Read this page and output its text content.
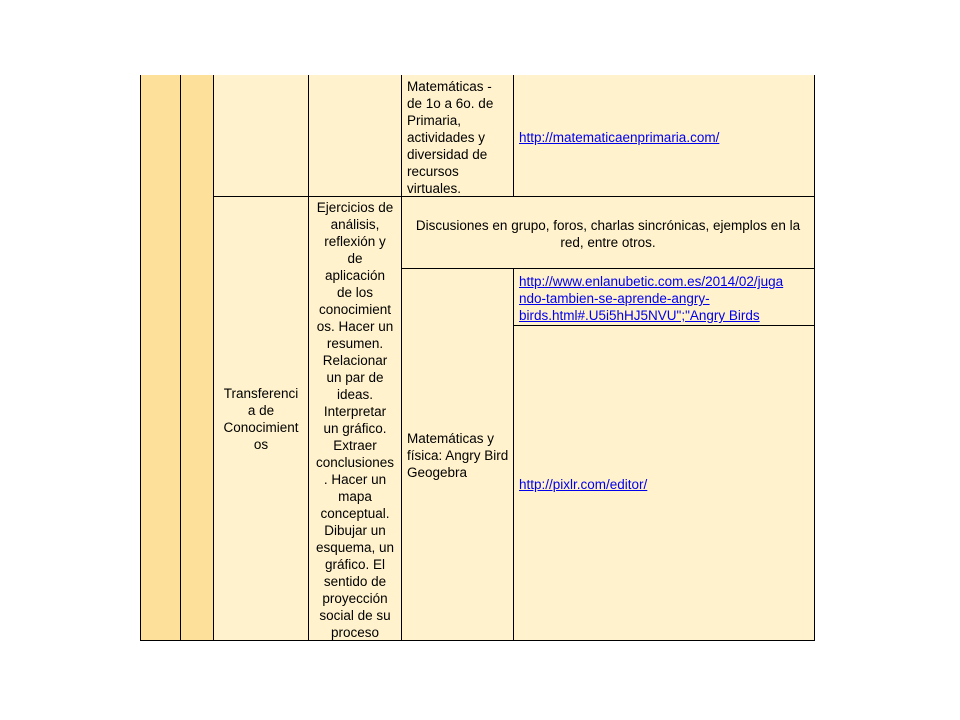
Matemáticas - de 1o a 6o. de Primaria, actividades y diversidad de recursos virtuales.
http://matematicaenprimaria.com/
Transferenci
a de
Conocimient
os
Ejercicios de
análisis,
reflexión y
de
aplicación
de los
conocimient
os. Hacer un
resumen.
Relacionar
un par de
ideas.
Interpretar
un gráfico.
Extraer
conclusiones
. Hacer un
mapa
conceptual.
Dibujar un
esquema, un
gráfico. El
sentido de
proyección
social de su
proceso
Discusiones en grupo, foros, charlas sincrónicas, ejemplos en la red, entre otros.
Matemáticas y física: Angry Bird Geogebra
http://www.enlanubetic.com.es/2014/02/juga
ndo-tambien-se-aprende-angry-
birds.html#.U5i5hHJ5NVU";"Angry Birds
http://pixlr.com/editor/
